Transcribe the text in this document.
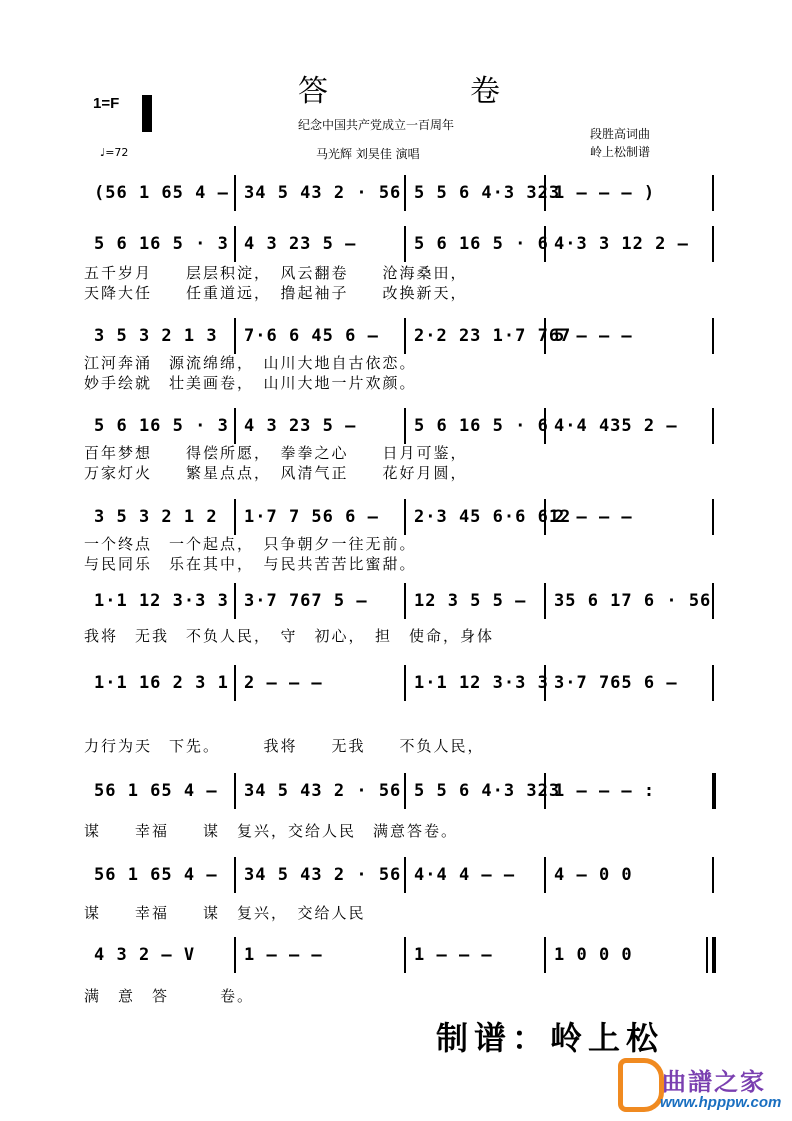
答	卷
1=F
纪念中国共产党成立一百周年
段胜高词曲
♩=72	马光辉 刘昊佳 演唱	岭上松制谱
(56 1 65 4 – 34 5 43 2 · 56 5 5 6 4·3 323
1 – – – )
5 6 16 5 · 3 4 3 23 5 –	5 6 16 5 · 6 4·3 3 12 2 –
3 5 3 2 1 3 7·6 6 45 6 – 2·2 23 1·7 767
5 – – –
5 6 16 5 · 3 4 3 23 5 –	5 6 16 5 · 6 4·4 435 2 –
3 5 3 2 1 2 1·7 7 56 6 – 2·3 45 6·6 612
2 – – –
1·1 12 3·3 3 3·7 767 5 –	12 3 5 5 – 35 6 17 6 · 56
1·1 16 2 3 1 2 – – –	1·1 12 3·3 3 3·7 765 6 –
56 1 65 4 – 34 5 43 2 · 56 5 5 6 4·3 323
1 – – – :
56 1 65 4 – 34 5 43 2 · 56 4·4 4 – – 4 – 0 0
4 3 2 – V	1 – – –	1 – – –	1 0 0 0
五千岁月　　层层积淀，　风云翻卷　　沧海桑田，
天降大任　　任重道远，　撸起袖子　　改换新天，
江河奔涌　源流绵绵，　山川大地自古依恋。
妙手绘就　壮美画卷，　山川大地一片欢颜。
百年梦想　　得偿所愿，　拳拳之心　　日月可鉴，
万家灯火　　繁星点点，　风清气正　　花好月圆，
一个终点　一个起点，　只争朝夕一往无前。
与民同乐　乐在其中，　与民共苦苦比蜜甜。
我将　无我　不负人民，　守　初心，　担　使命，身体
力行为天　下先。　　　我将　　无我　　不负人民，
谋　　幸福　　谋　复兴，交给人民　满意答卷。
谋　　幸福　　谋　复兴，　交给人民
满　意　答　　　卷。
制谱：岭上松
曲譜之家
www.hpppw.com
